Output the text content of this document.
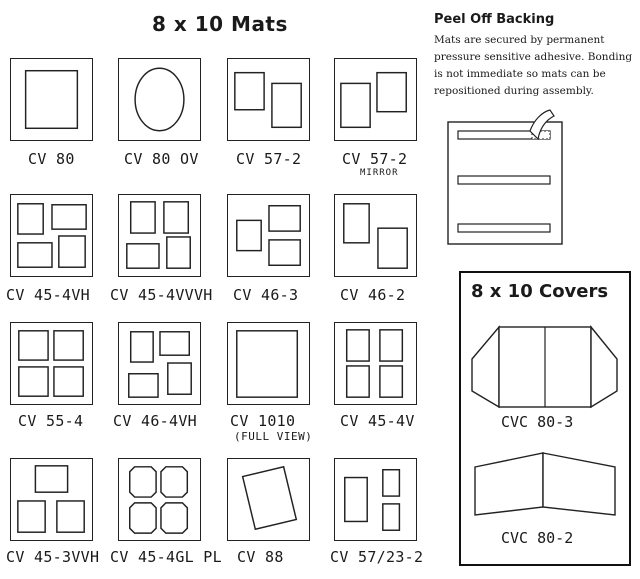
8 x 10 Mats
CV 80	CV 80 OV CV 57-2	CV 57-2
MIRROR
CV 45-4VH CV 45-4VVVH CV 46-3	CV 46-2
CV 55-4 CV 46-4VH CV 1010
(FULL VIEW)
CV 45-4V
CV 45-3VVH CV 45-4GL PL CV 88	CV 57/23-2
Peel Off Backing
Mats are secured by permanent
pressure sensitive adhesive. Bonding
is not immediate so mats can be
repositioned during assembly.
8 x 10 Covers
CVC 80-3
CVC 80-2
